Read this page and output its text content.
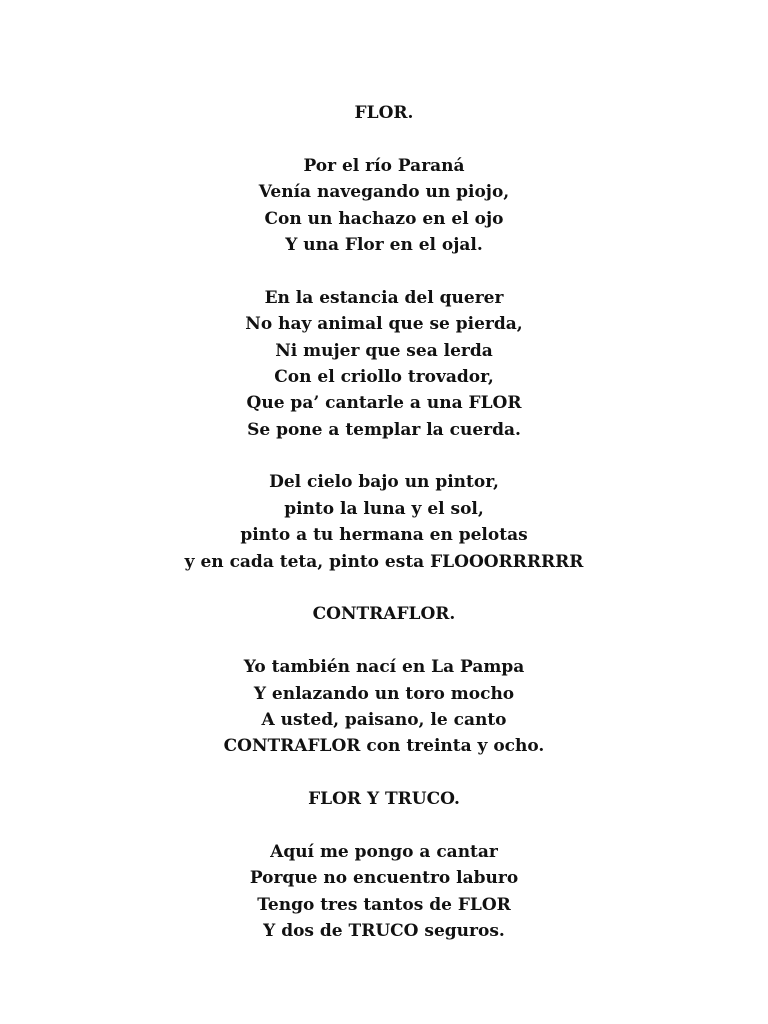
FLOR.
Por el río Paraná
Venía navegando un piojo,
Con un hachazo en el ojo
Y una Flor en el ojal.
En la estancia del querer
No hay animal que se pierda,
Ni mujer que sea lerda
Con el criollo trovador,
Que pa’ cantarle a una FLOR
Se pone a templar la cuerda.
Del cielo bajo un pintor,
pinto la luna y el sol,
pinto a tu hermana en pelotas
y en cada teta, pinto esta FLOOORRRRRR
CONTRAFLOR.
Yo también nací en La Pampa
Y enlazando un toro mocho
A usted, paisano, le canto
CONTRAFLOR con treinta y ocho.
FLOR Y TRUCO.
Aquí me pongo a cantar
Porque no encuentro laburo
Tengo tres tantos de FLOR
Y dos de TRUCO seguros.
